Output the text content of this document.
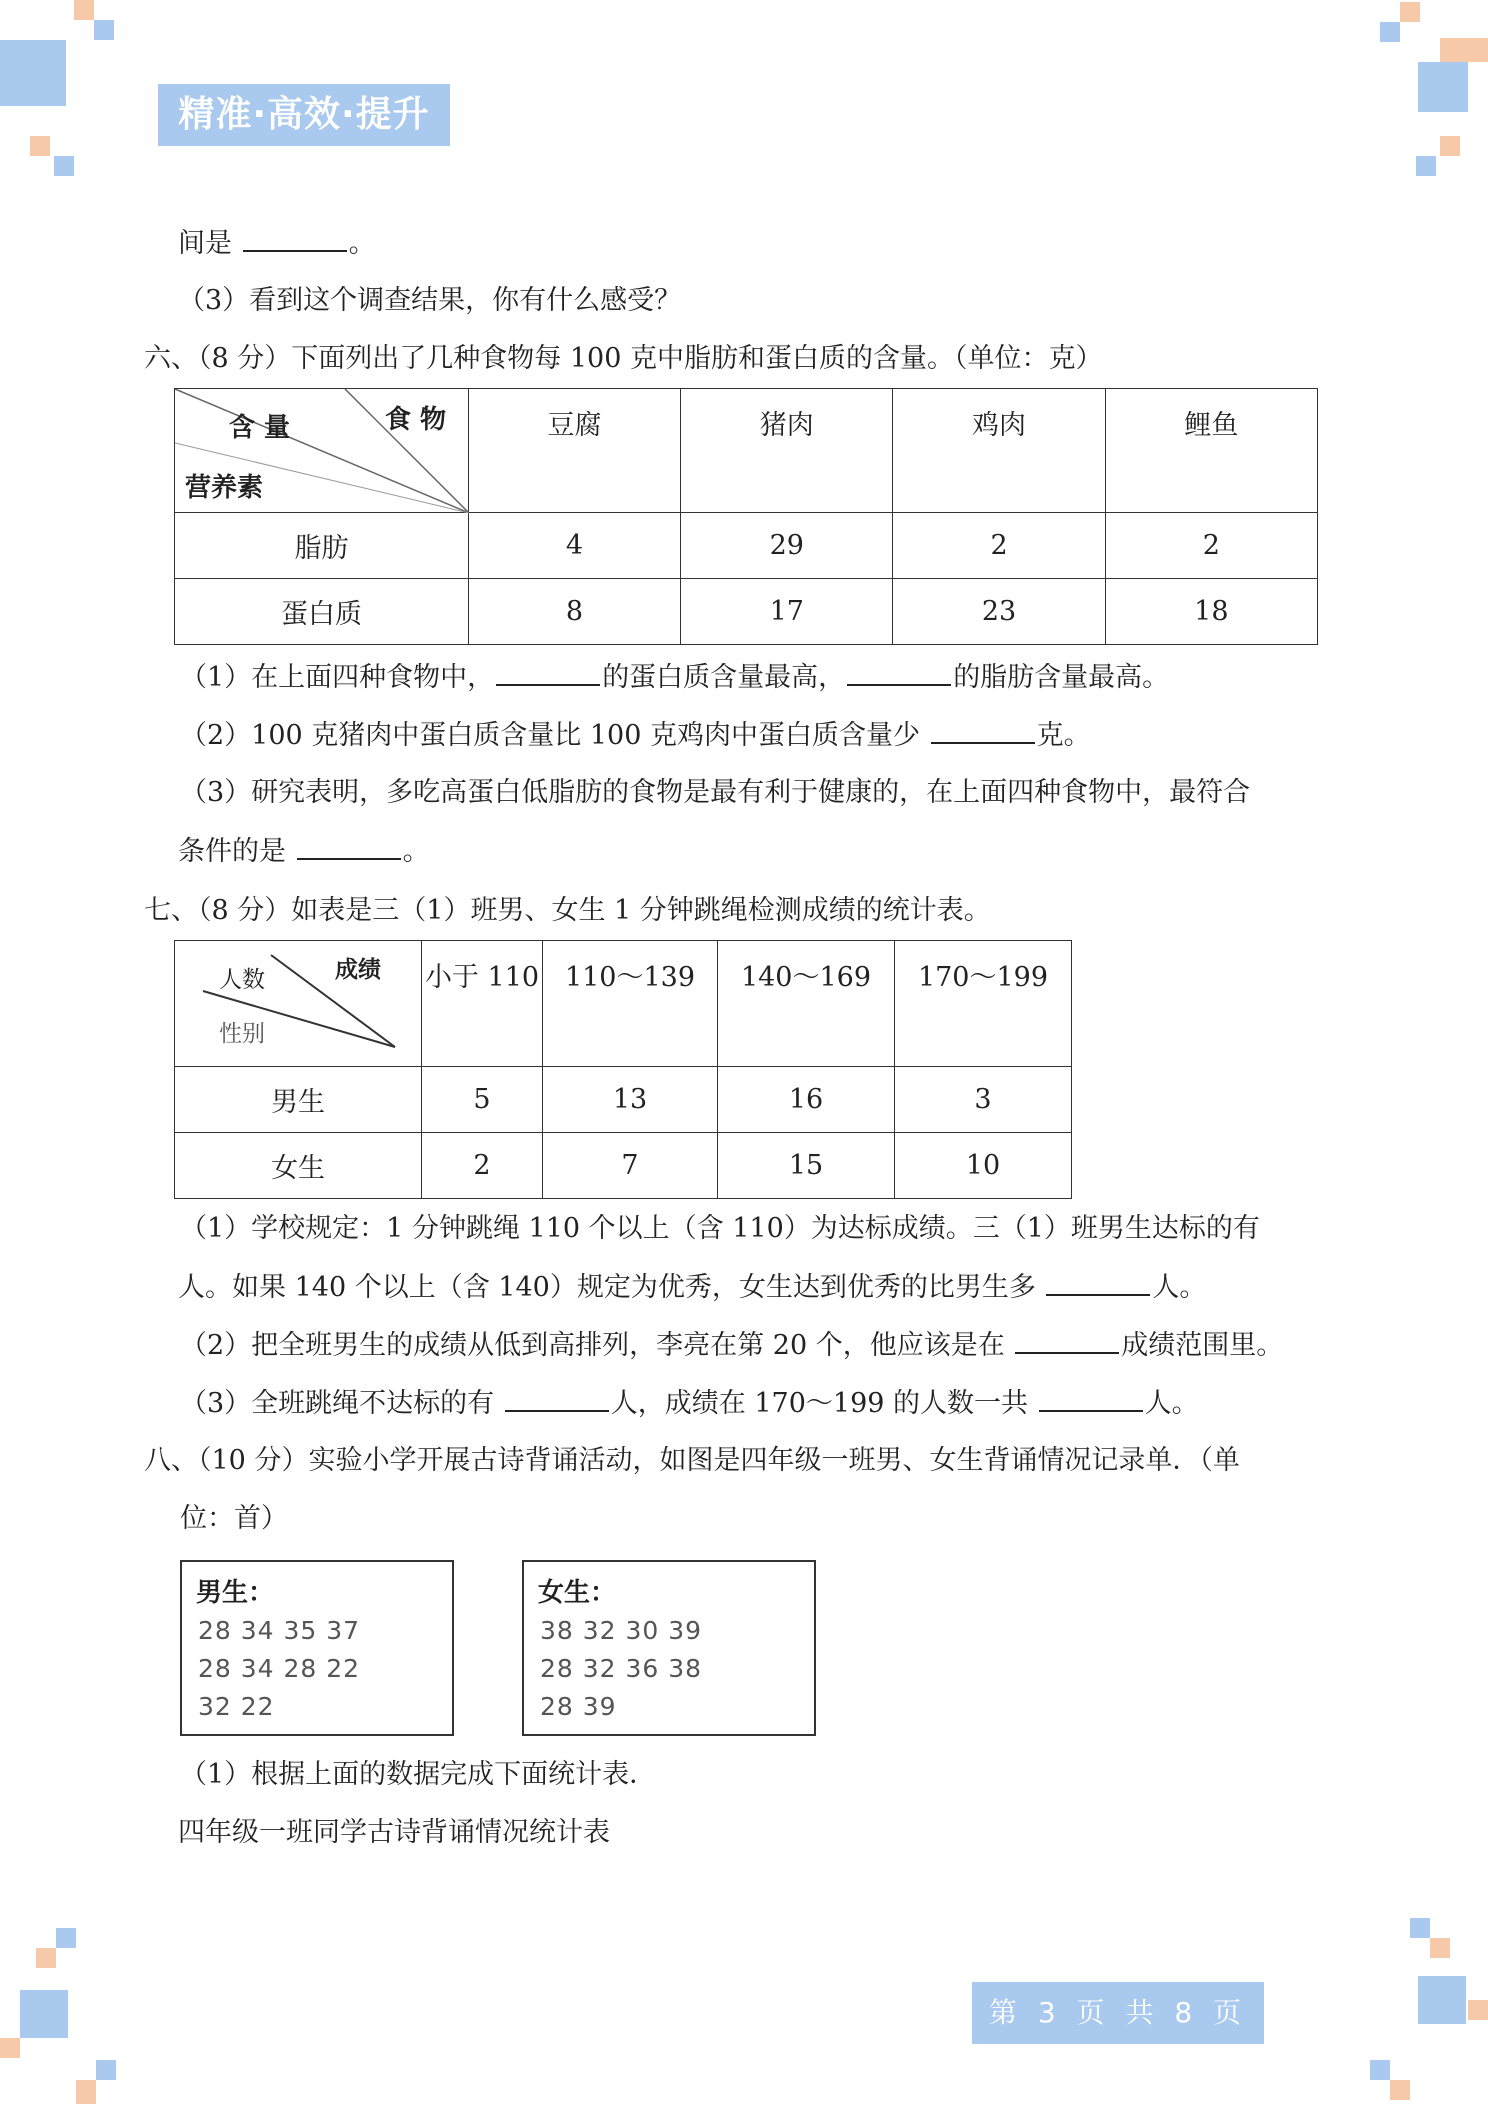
精准·高效·提升
间是	。
（3）看到这个调查结果，你有什么感受？
六、（8 分）下面列出了几种食物每 100 克中脂肪和蛋白质的含量。（单位：克）
含 量 食 物
营养素	豆腐	猪肉	鸡肉	鲤鱼
脂肪	4	29	2	2
蛋白质	8	17	23	18
（1）在上面四种食物中，	的蛋白质含量最高，	的脂肪含量最高。
（2）100 克猪肉中蛋白质含量比 100 克鸡肉中蛋白质含量少	克。
（3）研究表明，多吃高蛋白低脂肪的食物是最有利于健康的，在上面四种食物中，最符合
条件的是	。
七、（8 分）如表是三（1）班男、女生 1 分钟跳绳检测成绩的统计表。
人数 成绩
性别	小于 110	110～139	140～169	170～199
男生	5	13	16	3
女生	2	7	15	10
（1）学校规定：1 分钟跳绳 110 个以上（含 110）为达标成绩。三（1）班男生达标的有
人。如果 140 个以上（含 140）规定为优秀，女生达到优秀的比男生多	人。
（2）把全班男生的成绩从低到高排列，李亮在第 20 个，他应该是在	成绩范围里。
（3）全班跳绳不达标的有	人，成绩在 170～199 的人数一共	人。
八、（10 分）实验小学开展古诗背诵活动，如图是四年级一班男、女生背诵情况记录单．（单
位：首）
男生：
28 34 35 37
28 34 28 22
32 22
女生：
38 32 30 39
28 32 36 38
28 39
（1）根据上面的数据完成下面统计表．
四年级一班同学古诗背诵情况统计表
第 3 页 共 8 页
